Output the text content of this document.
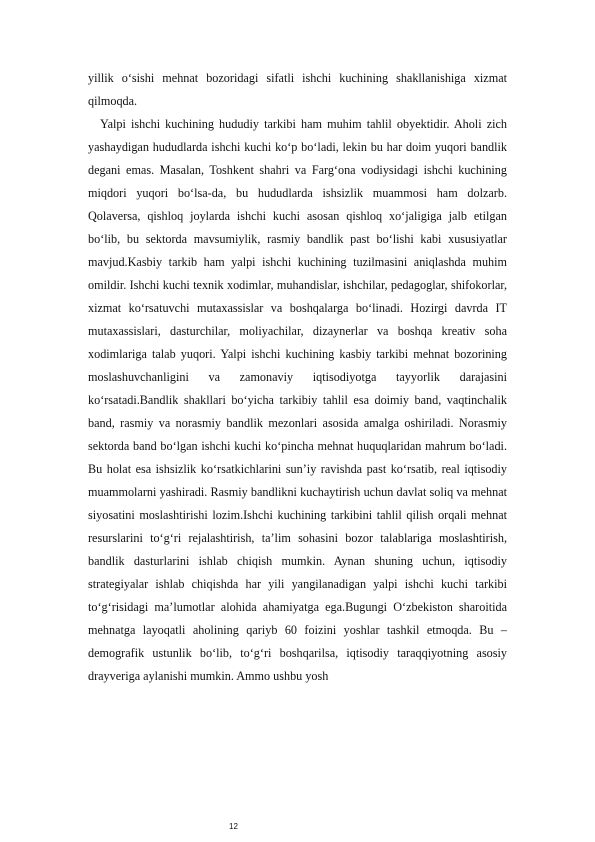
yillik o‘sishi mehnat bozoridagi sifatli ishchi kuchining shakllanishiga xizmat qilmoqda.

Yalpi ishchi kuchining hududiy tarkibi ham muhim tahlil obyektidir. Aholi zich yashaydigan hududlarda ishchi kuchi ko‘p bo‘ladi, lekin bu har doim yuqori bandlik degani emas. Masalan, Toshkent shahri va Farg‘ona vodiysidagi ishchi kuchining miqdori yuqori bo‘lsa-da, bu hududlarda ishsizlik muammosi ham dolzarb. Qolaversa, qishloq joylarda ishchi kuchi asosan qishloq xo‘jaligiga jalb etilgan bo‘lib, bu sektorda mavsumiylik, rasmiy bandlik past bo‘lishi kabi xususiyatlar mavjud.Kasbiy tarkib ham yalpi ishchi kuchining tuzilmasini aniqlashda muhim omildir. Ishchi kuchi texnik xodimlar, muhandislar, ishchilar, pedagoglar, shifokorlar, xizmat ko‘rsatuvchi mutaxassislar va boshqalarga bo‘linadi. Hozirgi davrda IT mutaxassislari, dasturchilar, moliyachilar, dizaynerlar va boshqa kreativ soha xodimlariga talab yuqori. Yalpi ishchi kuchining kasbiy tarkibi mehnat bozorining moslashuvchanligini va zamonaviy iqtisodiyotga tayyorlik darajasini ko‘rsatadi.Bandlik shakllari bo‘yicha tarkibiy tahlil esa doimiy band, vaqtinchalik band, rasmiy va norasmiy bandlik mezonlari asosida amalga oshiriladi. Norasmiy sektorda band bo‘lgan ishchi kuchi ko‘pincha mehnat huquqlaridan mahrum bo‘ladi. Bu holat esa ishsizlik ko‘rsatkichlarini sun’iy ravishda past ko‘rsatib, real iqtisodiy muammolarni yashiradi. Rasmiy bandlikni kuchaytirish uchun davlat soliq va mehnat siyosatini moslashtirishi lozim.Ishchi kuchining tarkibini tahlil qilish orqali mehnat resurslarini to‘g‘ri rejalashtirish, ta’lim sohasini bozor talablariga moslashtirish, bandlik dasturlarini ishlab chiqish mumkin. Aynan shuning uchun, iqtisodiy strategiyalar ishlab chiqishda har yili yangilanadigan yalpi ishchi kuchi tarkibi to‘g‘risidagi ma’lumotlar alohida ahamiyatga ega.Bugungi O‘zbekiston sharoitida mehnatga layoqatli aholining qariyb 60 foizini yoshlar tashkil etmoqda. Bu – demografik ustunlik bo‘lib, to‘g‘ri boshqarilsa, iqtisodiy taraqqiyotning asosiy drayveriga aylanishi mumkin. Ammo ushbu yosh

12
